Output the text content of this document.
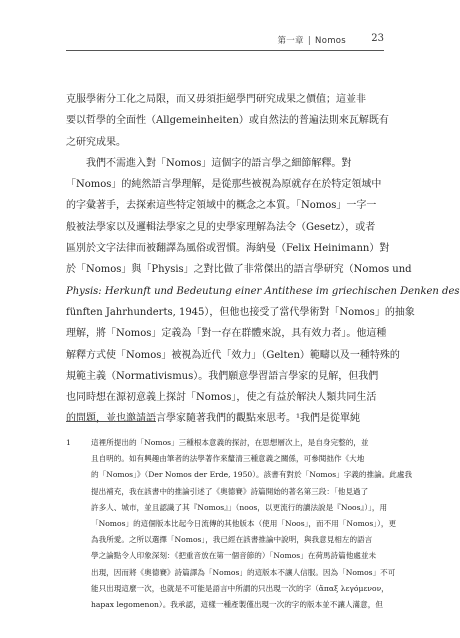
第一章 | Nomos	23
克服學術分工化之局限，而又毋須拒絕學門研究成果之價值；這並非
要以哲學的全面性（Allgemeinheiten）或自然法的普遍法則來瓦解既有
之研究成果。
　　我們不需進入對「Nomos」這個字的語言學之細節解釋。對
「Nomos」的純然語言學理解，是從那些被視為原就存在於特定領域中
的字彙著手，去探索這些特定領域中的概念之本質。「Nomos」一字一
般被法學家以及邏輯法學家之見的史學家理解為法令（Gesetz），或者
區別於文字法律而被翻譯為風俗或習慣。海納曼（Felix Heinimann）對
於「Nomos」與「Physis」之對比做了非常傑出的語言學研究（Nomos und
Physis: Herkunft und Bedeutung einer Antithese im griechischen Denken des
fünften Jahrhunderts, 1945），但他也接受了當代學術對「Nomos」的抽象
理解，將「Nomos」定義為「對一存在群體來說，具有效力者」。他這種
解釋方式使「Nomos」被視為近代「效力」（Gelten）範疇以及一種特殊的
規範主義（Normativismus）。我們願意學習語言學家的見解，但我們
也同時想在源初意義上探討「Nomos」，使之有益於解決人類共同生活
的問題，並也邀請語言學家隨著我們的觀點來思考。¹我們是從單純
1	這裡所提出的「Nomos」三種根本意義的探討，在思想層次上，是自身完整的，並
且自明的。如有興趣由筆者的法學著作來釐清三種意義之關係，可參閱拙作《大地
的「Nomos」》（Der Nomos der Erde, 1950）。該書有對於「Nomos」字義的推論。此處我
提出補充，我在該書中的推論引述了《奧德賽》詩篇開始的著名第三段：「他見過了
許多人、城市，並且認識了其『Nomos』」（noos，以更流行的讀法說是『Noos』）」，用
「Nomos」的這個版本比起今日流傳的其他版本（使用「Noos」，而不用「Nomos」），更
為我所愛。之所以選擇「Nomos」，我已經在該書推論中說明，與我意見相左的語言
學之論點令人印象深刻：《把重音放在第一個音節的）「Nomos」在荷馬詩篇他處並未
出現，因而將《奧德賽》詩篇譯為「Nomos」的這版本不讓人信服。因為「Nomos」不可
能只出現這麼一次，也就是不可能是語言中所謂的只出現一次的字（ἅπαξ λεγόμενον，
hapax legomenon）。我承認，這樣一種產製僅出現一次的字的版本並不讓人滿意，但
